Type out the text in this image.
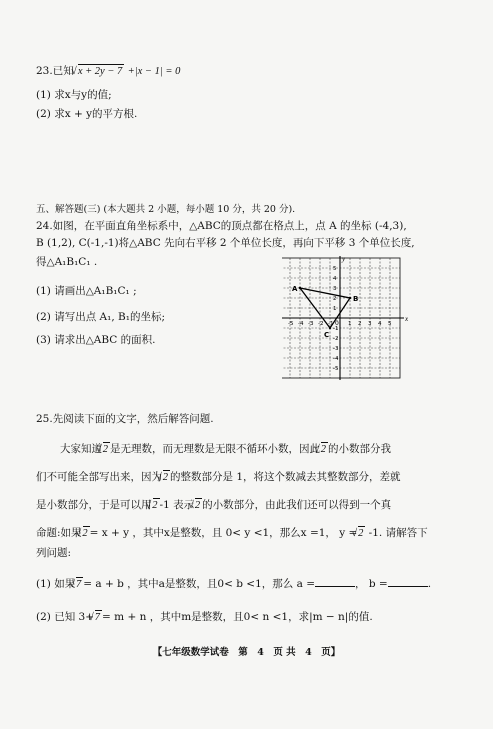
23.已知 √ x + 2y − 7 +|x − 1| = 0
(1) 求x与y的值;
(2) 求x + y的平方根.
五、解答题(三) (本大题共 2 小题，每小题 10 分，共 20 分).
24.如图，在平面直角坐标系中，△ABC的顶点都在格点上，点 A 的坐标 (-4,3),
B (1,2), C(-1,-1)将△ABC 先向右平移 2 个单位长度，再向下平移 3 个单位长度,
得△A₁B₁C₁ .
(1) 请画出△A₁B₁C₁ ;
(2) 请写出点 A₁, B₁的坐标;
(3) 请求出△ABC 的面积.
x
y
0
-5 -4 -3 -2 -1	1 2 3 4 5
5
4
3
2
1
-1
-2
-3
-4
-5
A
B
C
25.先阅读下面的文字，然后解答问题.
大家知道√ 2 是无理数，而无理数是无限不循环小数，因此√ 2 的小数部分我
们不可能全部写出来，因为√ 2 的整数部分是 1，将这个数减去其整数部分，差就
是小数部分，于是可以用√ 2 -1 表示√ 2 的小数部分，由此我们还可以得到一个真
命题:如果√ 2 = x + y ，其中x是整数，且 0< y <1，那么x =1， y =√ 2 -1. 请解答下
列问题:
(1) 如果√ 7 = a + b ，其中a是整数，且0< b <1，那么 a =	， b =	.
(2) 已知 3+√ 7 = m + n ，其中m是整数，且0< n <1，求|m − n|的值.
【七年级数学试卷　第　4　页 共　4　页】
